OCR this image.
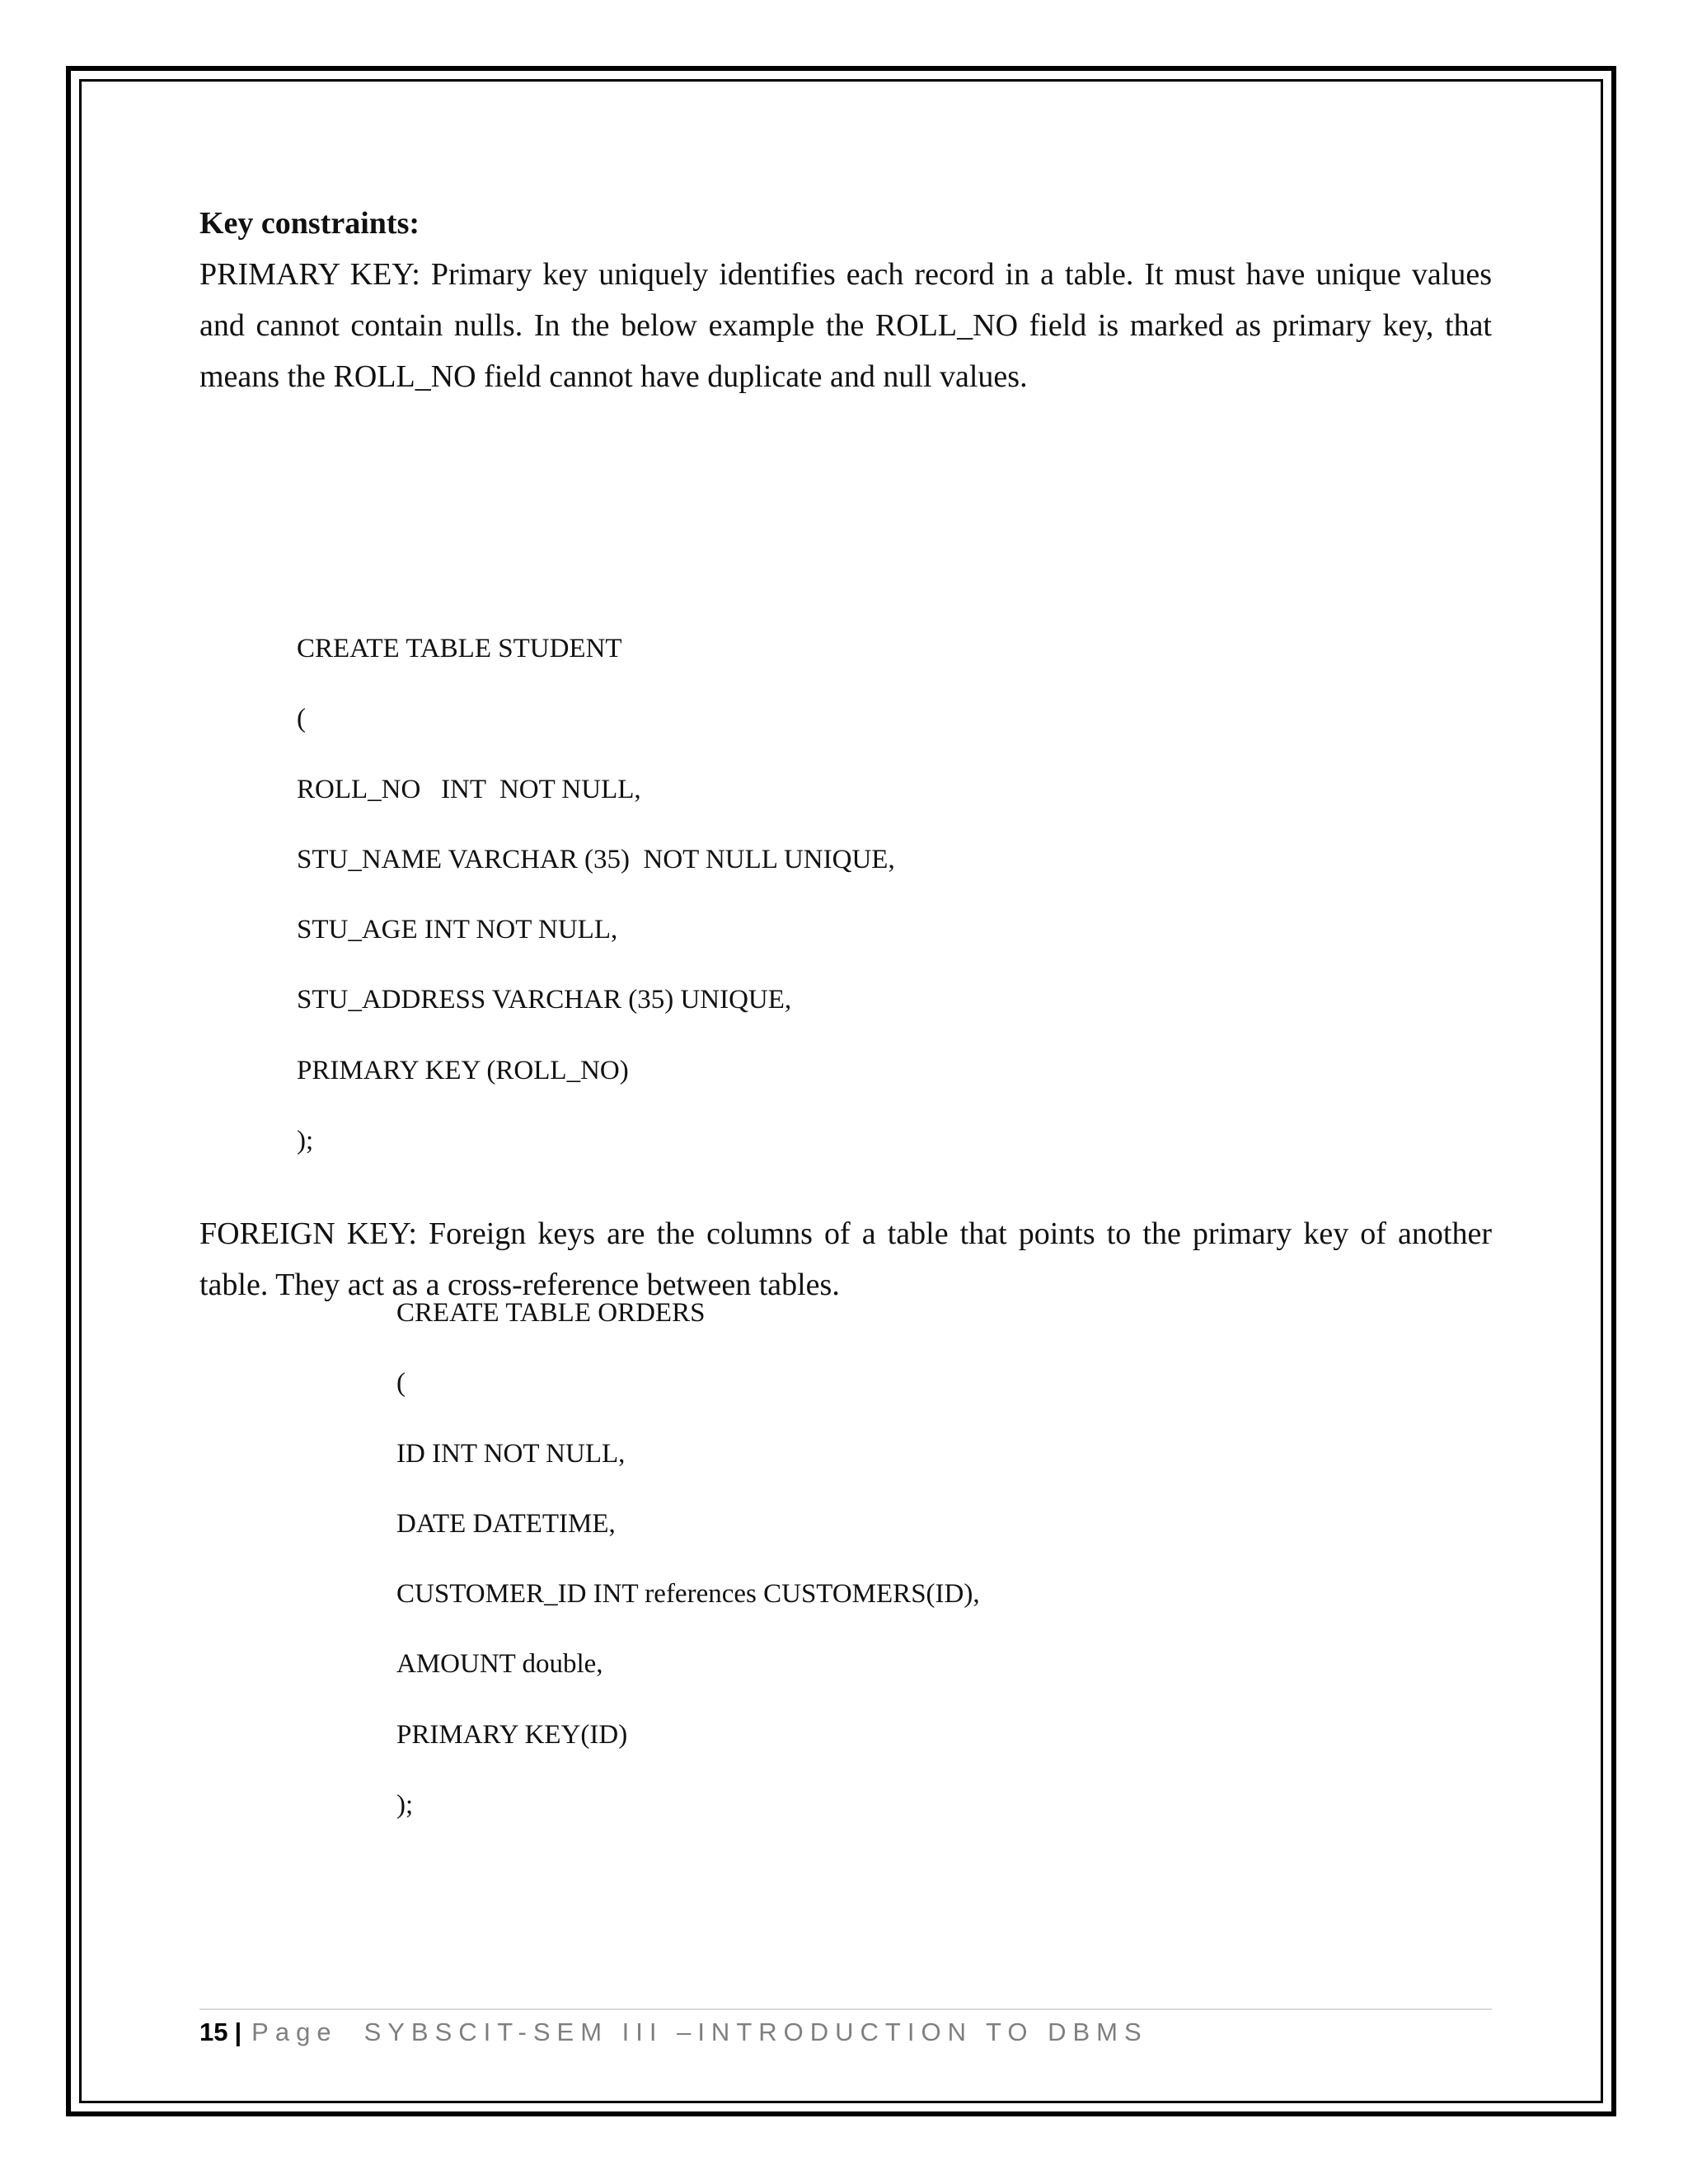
Key constraints:

PRIMARY KEY: Primary key uniquely identifies each record in a table. It must have unique values and cannot contain nulls. In the below example the ROLL_NO field is marked as primary key, that means the ROLL_NO field cannot have duplicate and null values.

CREATE TABLE STUDENT
(
ROLL_NO   INT  NOT NULL,
STU_NAME VARCHAR (35)  NOT NULL UNIQUE,
STU_AGE INT NOT NULL,
STU_ADDRESS VARCHAR (35) UNIQUE,
PRIMARY KEY (ROLL_NO)
);

FOREIGN KEY: Foreign keys are the columns of a table that points to the primary key of another table. They act as a cross-reference between tables.

CREATE TABLE ORDERS
(
ID INT NOT NULL,
DATE DATETIME,
CUSTOMER_ID INT references CUSTOMERS(ID),
AMOUNT double,
PRIMARY KEY(ID)
);
15 | Page SYBSCIT-SEM III –INTRODUCTION TO DBMS
